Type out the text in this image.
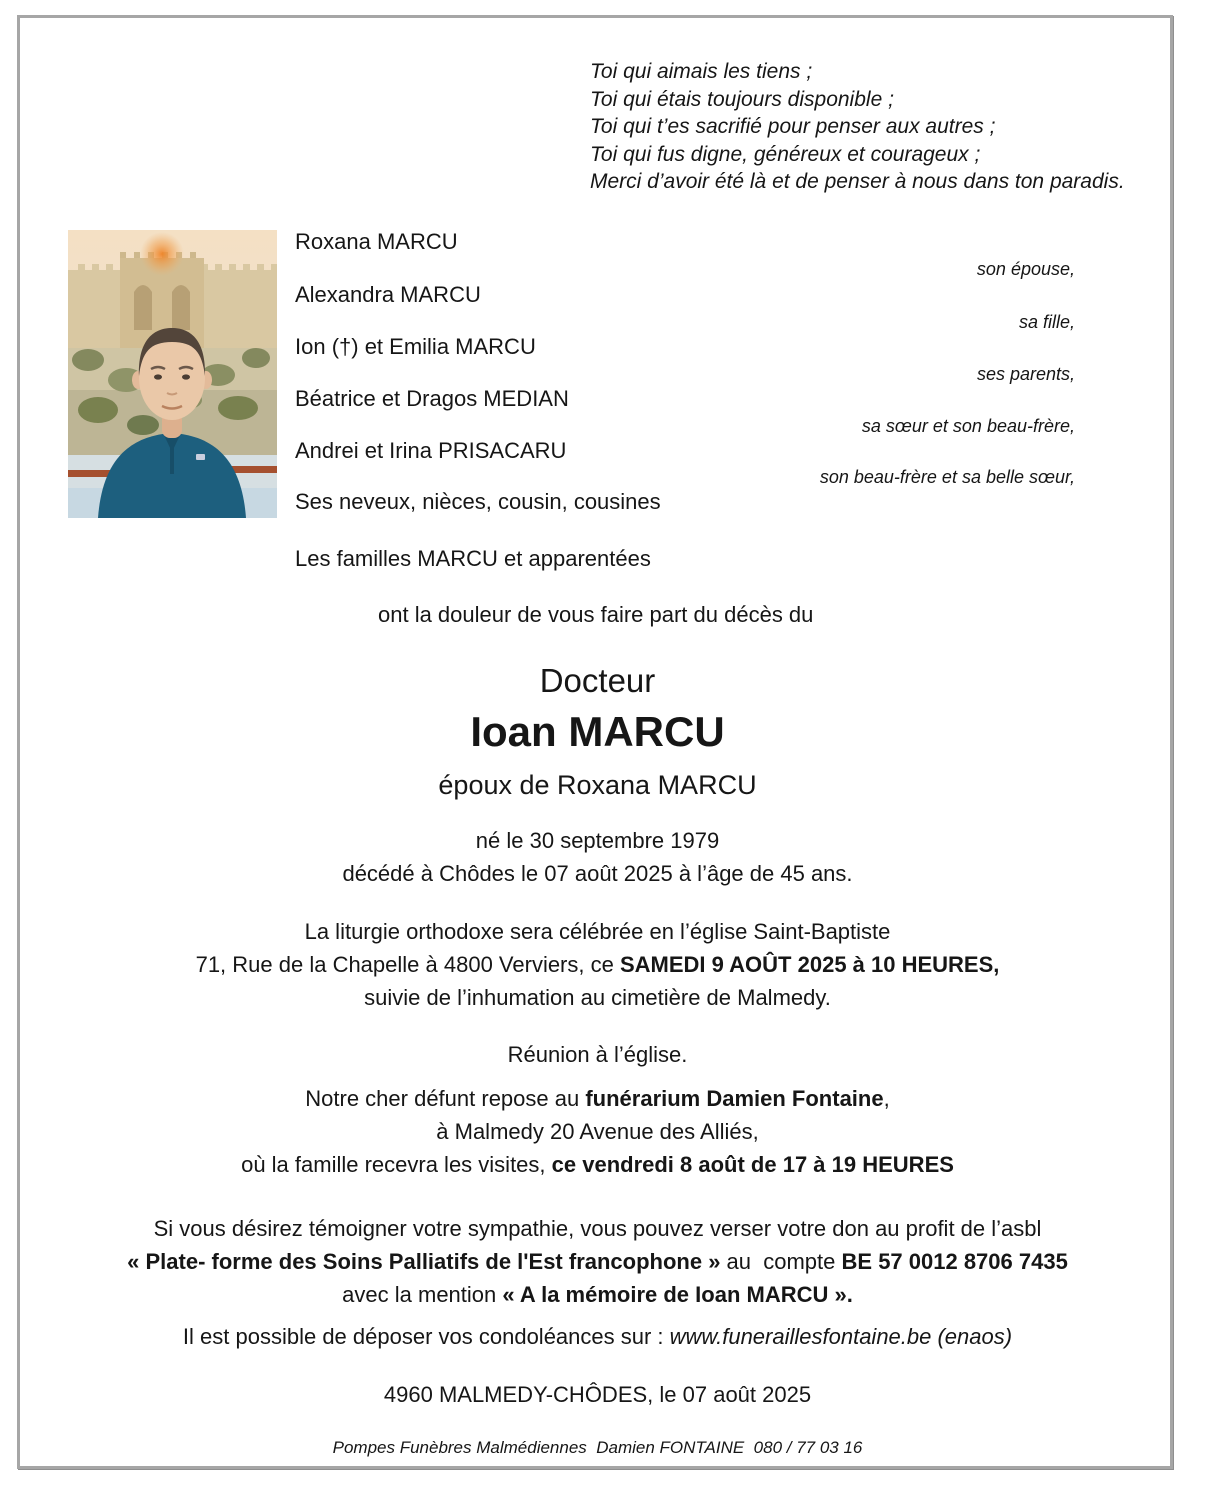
Toi qui aimais les tiens ;
Toi qui étais toujours disponible ;
Toi qui t’es sacrifié pour penser aux autres ;
Toi qui fus digne, généreux et courageux ;
Merci d’avoir été là et de penser à nous dans ton paradis.
Roxana MARCU
son épouse,
Alexandra MARCU
sa fille,
Ion (†) et Emilia MARCU
ses parents,
Béatrice et Dragos MEDIAN
sa sœur et son beau-frère,
Andrei et Irina PRISACARU
son beau-frère et sa belle sœur,
Ses neveux, nièces, cousin, cousines
Les familles MARCU et apparentées
ont la douleur de vous faire part du décès du
Docteur
Ioan MARCU
époux de Roxana MARCU
né le 30 septembre 1979
décédé à Chôdes le 07 août 2025 à l’âge de 45 ans.
La liturgie orthodoxe sera célébrée en l’église Saint-Baptiste
71, Rue de la Chapelle à 4800 Verviers, ce SAMEDI 9 AOÛT 2025 à 10 HEURES,
suivie de l’inhumation au cimetière de Malmedy.
Réunion à l’église.
Notre cher défunt repose au funérarium Damien Fontaine,
à Malmedy 20 Avenue des Alliés,
où la famille recevra les visites, ce vendredi 8 août de 17 à 19 HEURES
Si vous désirez témoigner votre sympathie, vous pouvez verser votre don au profit de l’asbl
« Plate- forme des Soins Palliatifs de l'Est francophone » au  compte BE 57 0012 8706 7435
avec la mention « A la mémoire de Ioan MARCU ».
Il est possible de déposer vos condoléances sur : www.funeraillesfontaine.be (enaos)
4960 MALMEDY-CHÔDES, le 07 août 2025
Pompes Funèbres Malmédiennes  Damien FONTAINE  080 / 77 03 16
